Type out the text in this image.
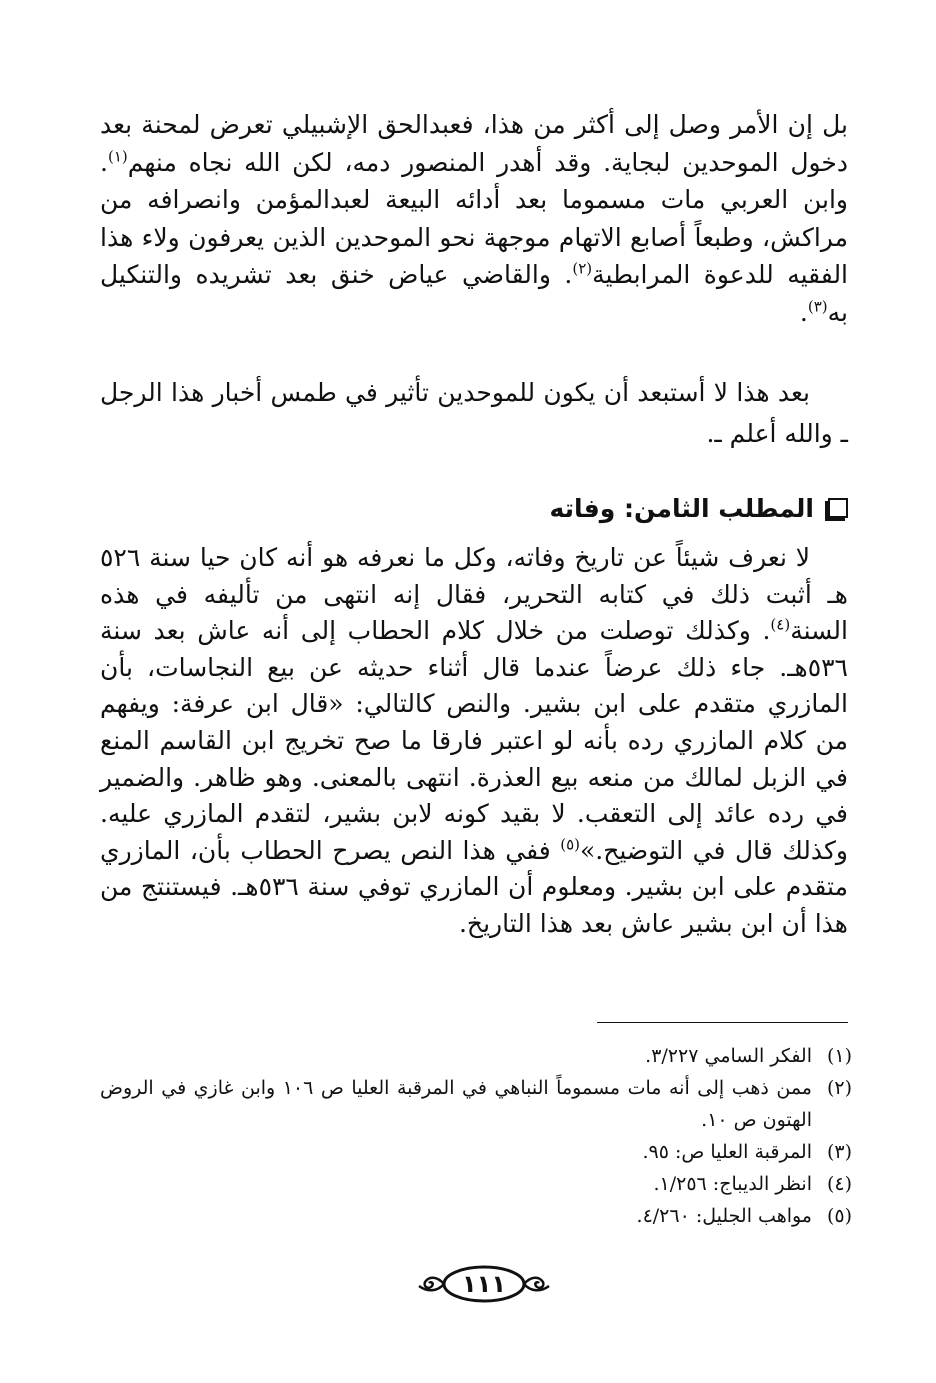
بل إن الأمر وصل إلى أكثر من هذا، فعبدالحق الإشبيلي تعرض لمحنة بعد دخول الموحدين لبجاية. وقد أهدر المنصور دمه، لكن الله نجاه منهم$^{(١)}$. وابن العربي مات مسموما بعد أدائه البيعة لعبدالمؤمن وانصرافه من مراكش، وطبعاً أصابع الاتهام موجهة نحو الموحدين الذين يعرفون ولاء هذا الفقيه للدعوة المرابطية$^{(٢)}$. والقاضي عياض خنق بعد تشريده والتنكيل به$^{(٣)}$.

بعد هذا لا أستبعد أن يكون للموحدين تأثير في طمس أخبار هذا الرجل ـ والله أعلم ـ.

المطلب الثامن: وفاته

لا نعرف شيئاً عن تاريخ وفاته، وكل ما نعرفه هو أنه كان حيا سنة ٥٢٦ هـ أثبت ذلك في كتابه التحرير، فقال إنه انتهى من تأليفه في هذه السنة$^{(٤)}$. وكذلك توصلت من خلال كلام الحطاب إلى أنه عاش بعد سنة ٥٣٦هـ. جاء ذلك عرضاً عندما قال أثناء حديثه عن بيع النجاسات، بأن المازري متقدم على ابن بشير. والنص كالتالي: «قال ابن عرفة: ويفهم من كلام المازري رده بأنه لو اعتبر فارقا ما صح تخريج ابن القاسم المنع في الزبل لمالك من منعه بيع العذرة. انتهى بالمعنى. وهو ظاهر. والضمير في رده عائد إلى التعقب. لا بقيد كونه لابن بشير، لتقدم المازري عليه. وكذلك قال في التوضيح.»$^{(٥)}$ ففي هذا النص يصرح الحطاب بأن، المازري متقدم على ابن بشير. ومعلوم أن المازري توفي سنة ٥٣٦هـ. فيستنتج من هذا أن ابن بشير عاش بعد هذا التاريخ.

(١)
الفكر السامي ٣/٢٢٧.
(٢)
ممن ذهب إلى أنه مات مسموماً النباهي في المرقبة العليا ص ١٠٦ وابن غازي في الروض الهتون ص ١٠.
(٣)
المرقبة العليا ص: ٩٥.
(٤)
انظر الديباج: ١/٢٥٦.
(٥)
مواهب الجليل: ٤/٢٦٠.
١١١
